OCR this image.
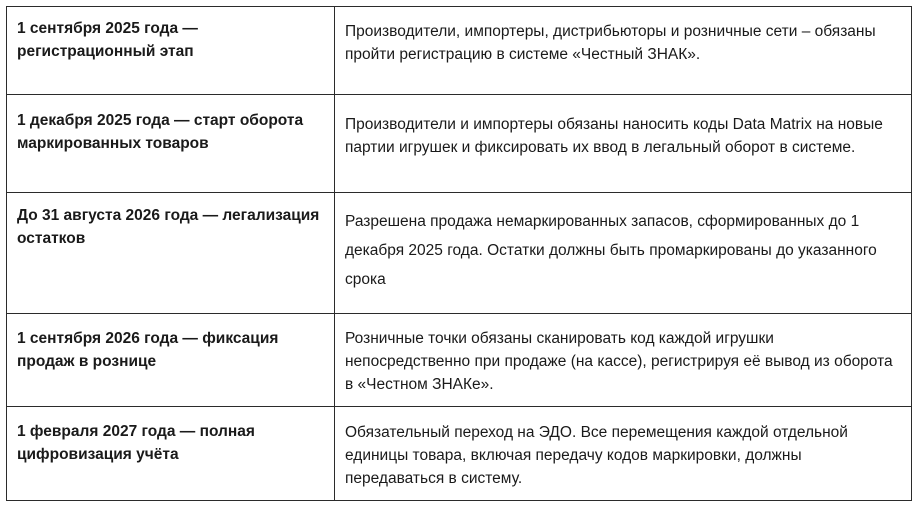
1 сентября 2025 года — регистрационный этап	Производители, импортеры, дистрибьюторы и розничные сети – обязаны пройти регистрацию в системе «Честный ЗНАК».
1 декабря 2025 года — старт оборота маркированных товаров	Производители и импортеры обязаны наносить коды Data Matrix на новые партии игрушек и фиксировать их ввод в легальный оборот в системе.
До 31 августа 2026 года — легализация остатков	Разрешена продажа немаркированных запасов, сформированных до 1 декабря 2025 года. Остатки должны быть промаркированы до указанного срока
1 сентября 2026 года — фиксация продаж в рознице	Розничные точки обязаны сканировать код каждой игрушки непосредственно при продаже (на кассе), регистрируя её вывод из оборота в «Честном ЗНАКе».
1 февраля 2027 года — полная цифровизация учёта	Обязательный переход на ЭДО. Все перемещения каждой отдельной единицы товара, включая передачу кодов маркировки, должны передаваться в систему.
